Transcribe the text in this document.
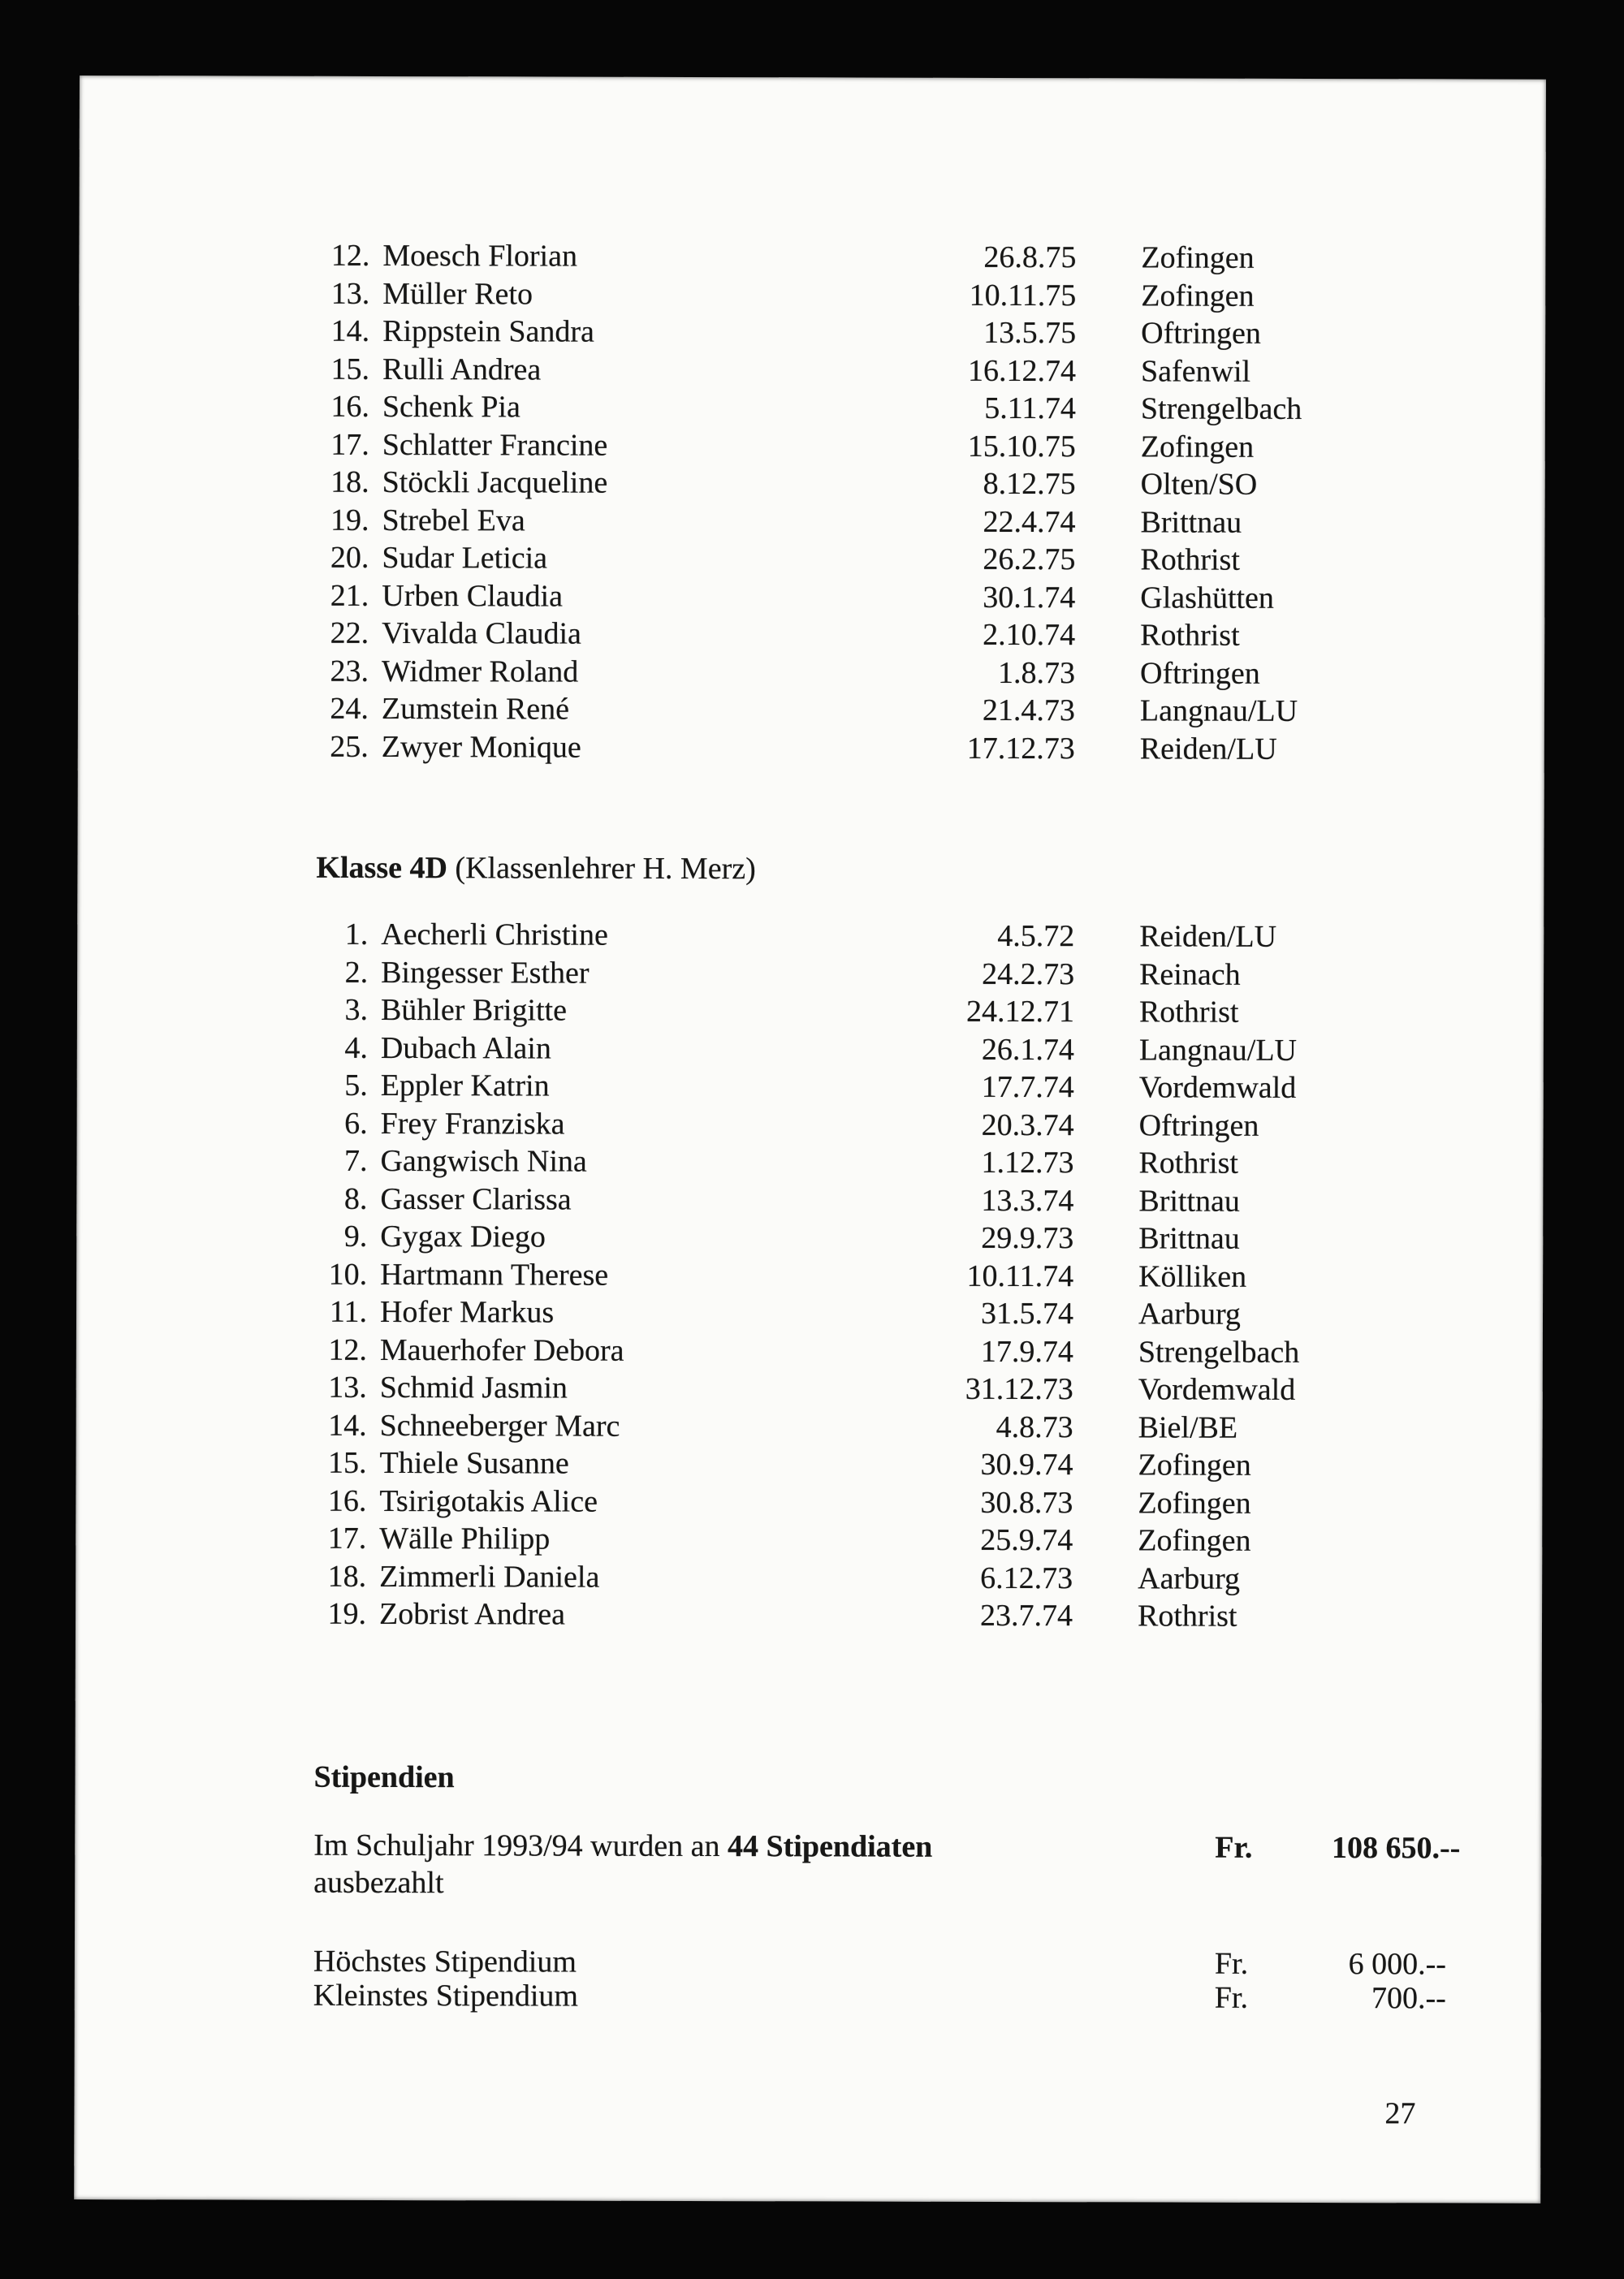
12. Moesch Florian	26.8.75 Zofingen
13. Müller Reto	10.11.75 Zofingen
14. Rippstein Sandra	13.5.75 Oftringen
15. Rulli Andrea	16.12.74 Safenwil
16. Schenk Pia	5.11.74 Strengelbach
17. Schlatter Francine	15.10.75 Zofingen
18. Stöckli Jacqueline	8.12.75 Olten/SO
19. Strebel Eva	22.4.74 Brittnau
20. Sudar Leticia	26.2.75 Rothrist
21. Urben Claudia	30.1.74 Glashütten
22. Vivalda Claudia	2.10.74 Rothrist
23. Widmer Roland	1.8.73 Oftringen
24. Zumstein René	21.4.73 Langnau/LU
25. Zwyer Monique	17.12.73 Reiden/LU
Klasse 4D (Klassenlehrer H. Merz)
1. Aecherli Christine	4.5.72 Reiden/LU
2. Bingesser Esther	24.2.73 Reinach
3. Bühler Brigitte	24.12.71 Rothrist
4. Dubach Alain	26.1.74 Langnau/LU
5. Eppler Katrin	17.7.74 Vordemwald
6. Frey Franziska	20.3.74 Oftringen
7. Gangwisch Nina	1.12.73 Rothrist
8. Gasser Clarissa	13.3.74 Brittnau
9. Gygax Diego	29.9.73 Brittnau
10. Hartmann Therese	10.11.74 Kölliken
11. Hofer Markus	31.5.74 Aarburg
12. Mauerhofer Debora	17.9.74 Strengelbach
13. Schmid Jasmin	31.12.73 Vordemwald
14. Schneeberger Marc	4.8.73 Biel/BE
15. Thiele Susanne	30.9.74 Zofingen
16. Tsirigotakis Alice	30.8.73 Zofingen
17. Wälle Philipp	25.9.74 Zofingen
18. Zimmerli Daniela	6.12.73 Aarburg
19. Zobrist Andrea	23.7.74 Rothrist
Stipendien
Im Schuljahr 1993/94 wurden an 44 Stipendiaten	Fr.	108 650.--
ausbezahlt
Höchstes Stipendium	Fr.	6 000.--
Kleinstes Stipendium	Fr.	700.--
27
